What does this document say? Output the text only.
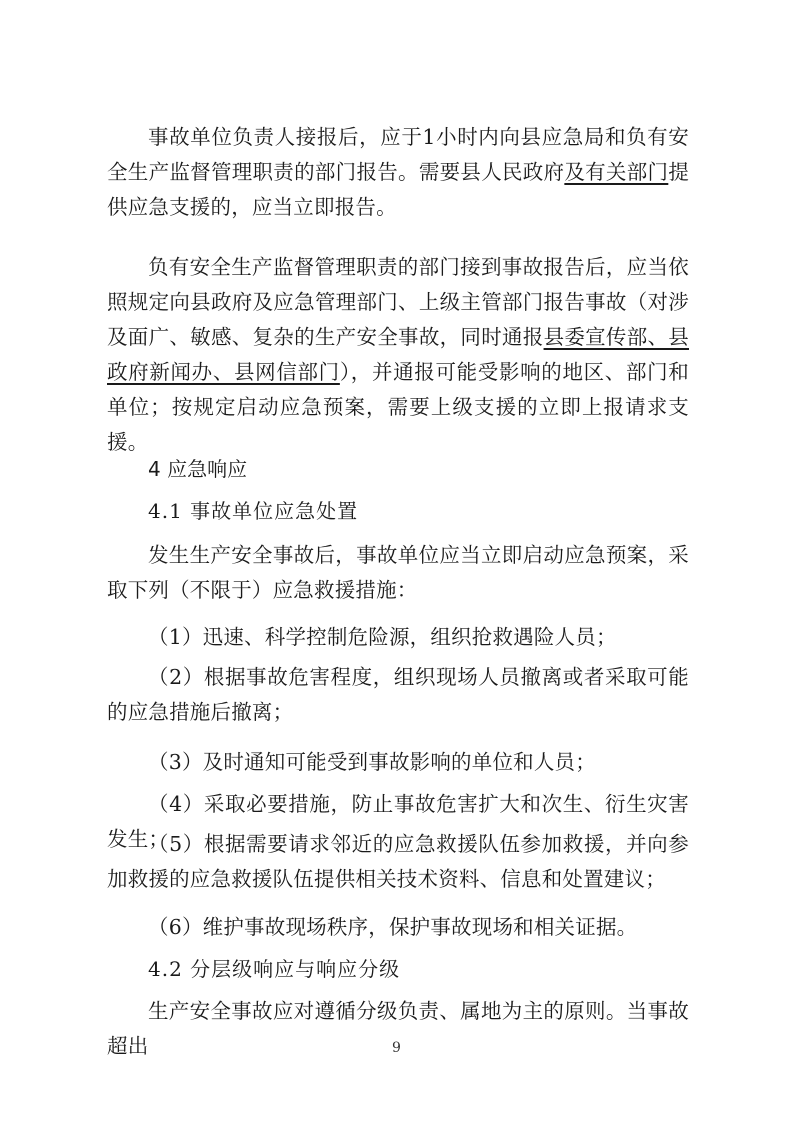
事故单位负责人接报后，应于1小时内向县应急局和负有安全生产监督管理职责的部门报告。需要县人民政府及有关部门提供应急支援的，应当立即报告。

负有安全生产监督管理职责的部门接到事故报告后，应当依照规定向县政府及应急管理部门、上级主管部门报告事故（对涉及面广、敏感、复杂的生产安全事故，同时通报县委宣传部、县政府新闻办、县网信部门），并通报可能受影响的地区、部门和单位；按规定启动应急预案，需要上级支援的立即上报请求支援。

4 应急响应

4.1 事故单位应急处置

发生生产安全事故后，事故单位应当立即启动应急预案，采取下列（不限于）应急救援措施：

（1）迅速、科学控制危险源，组织抢救遇险人员；

（2）根据事故危害程度，组织现场人员撤离或者采取可能的应急措施后撤离；

（3）及时通知可能受到事故影响的单位和人员；

（4）采取必要措施，防止事故危害扩大和次生、衍生灾害发生；

（5）根据需要请求邻近的应急救援队伍参加救援，并向参加救援的应急救援队伍提供相关技术资料、信息和处置建议；

（6）维护事故现场秩序，保护事故现场和相关证据。

4.2 分层级响应与响应分级

生产安全事故应对遵循分级负责、属地为主的原则。当事故超出	9
